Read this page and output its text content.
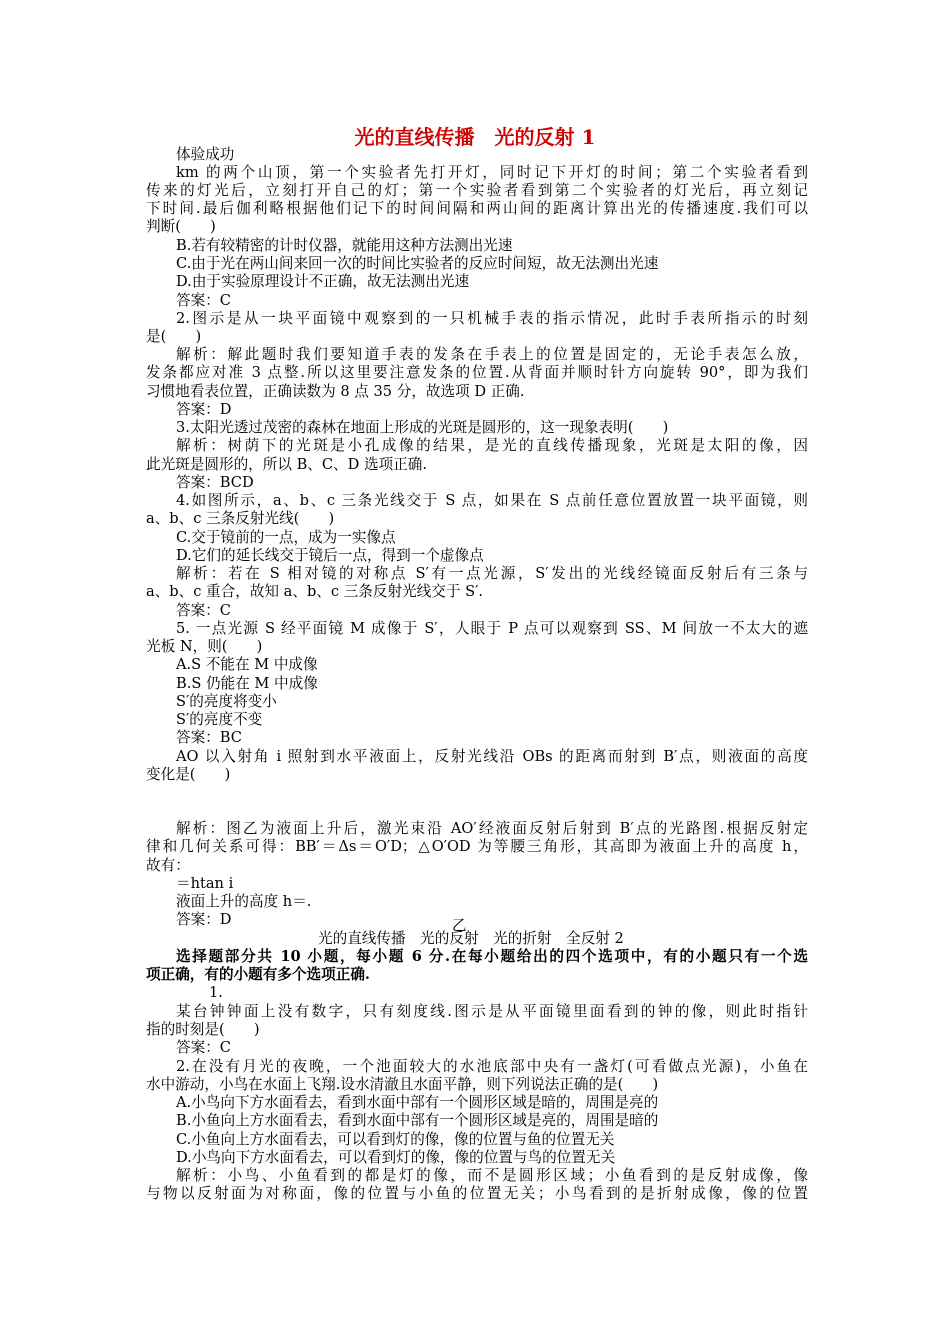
光的直线传播　光的反射 1
体验成功
km 的两个山顶，第一个实验者先打开灯，同时记下开灯的时间；第二个实验者看到
传来的灯光后，立刻打开自己的灯；第一个实验者看到第二个实验者的灯光后，再立刻记
下时间.最后伽利略根据他们记下的时间间隔和两山间的距离计算出光的传播速度.我们可以
判断(　　)
B.若有较精密的计时仪器，就能用这种方法测出光速
C.由于光在两山间来回一次的时间比实验者的反应时间短，故无法测出光速
D.由于实验原理设计不正确，故无法测出光速
答案：C
2.图示是从一块平面镜中观察到的一只机械手表的指示情况，此时手表所指示的时刻
是(　　)
解析：解此题时我们要知道手表的发条在手表上的位置是固定的，无论手表怎么放，
发条都应对准 3 点整.所以这里要注意发条的位置.从背面并顺时针方向旋转 90°，即为我们
习惯地看表位置，正确读数为 8 点 35 分，故选项 D 正确.
答案：D
3.太阳光透过茂密的森林在地面上形成的光斑是圆形的，这一现象表明(　　)
解析：树荫下的光斑是小孔成像的结果，是光的直线传播现象，光斑是太阳的像，因
此光斑是圆形的，所以 B、C、D 选项正确.
答案：BCD
4.如图所示，a、b、c 三条光线交于 S 点，如果在 S 点前任意位置放置一块平面镜，则
a、b、c 三条反射光线(　　)
C.交于镜前的一点，成为一实像点
D.它们的延长线交于镜后一点，得到一个虚像点
解析：若在 S 相对镜的对称点 S′有一点光源，S′发出的光线经镜面反射后有三条与
a、b、c 重合，故知 a、b、c 三条反射光线交于 S′.
答案：C
5. 一点光源 S 经平面镜 M 成像于 S′，人眼于 P 点可以观察到 SS、M 间放一不太大的遮
光板 N，则(　　)
A.S 不能在 M 中成像
B.S 仍能在 M 中成像
S′的亮度将变小
S′的亮度不变
答案：BC
AO 以入射角 i 照射到水平液面上，反射光线沿 OBs 的距离而射到 B′点，则液面的高度
变化是(　　)
解析：图乙为液面上升后，激光束沿 AO′经液面反射后射到 B′点的光路图.根据反射定
律和几何关系可得：BB′＝Δs＝O′D；△O′OD 为等腰三角形，其高即为液面上升的高度 h，
故有：
＝htan i
液面上升的高度 h＝.
答案：D	乙
光的直线传播　光的反射　光的折射　全反射 2
选择题部分共 10 小题，每小题 6 分.在每小题给出的四个选项中，有的小题只有一个选
项正确，有的小题有多个选项正确.
1.
某台钟钟面上没有数字，只有刻度线.图示是从平面镜里面看到的钟的像，则此时指针
指的时刻是(　　)
答案：C
2.在没有月光的夜晚，一个池面较大的水池底部中央有一盏灯(可看做点光源)，小鱼在
水中游动，小鸟在水面上飞翔.设水清澈且水面平静，则下列说法正确的是(　　)
A.小鸟向下方水面看去，看到水面中部有一个圆形区域是暗的，周围是亮的
B.小鱼向上方水面看去，看到水面中部有一个圆形区域是亮的，周围是暗的
C.小鱼向上方水面看去，可以看到灯的像，像的位置与鱼的位置无关
D.小鸟向下方水面看去，可以看到灯的像，像的位置与鸟的位置无关
解析：小鸟、小鱼看到的都是灯的像，而不是圆形区域；小鱼看到的是反射成像，像
与物以反射面为对称面，像的位置与小鱼的位置无关；小鸟看到的是折射成像，像的位置
